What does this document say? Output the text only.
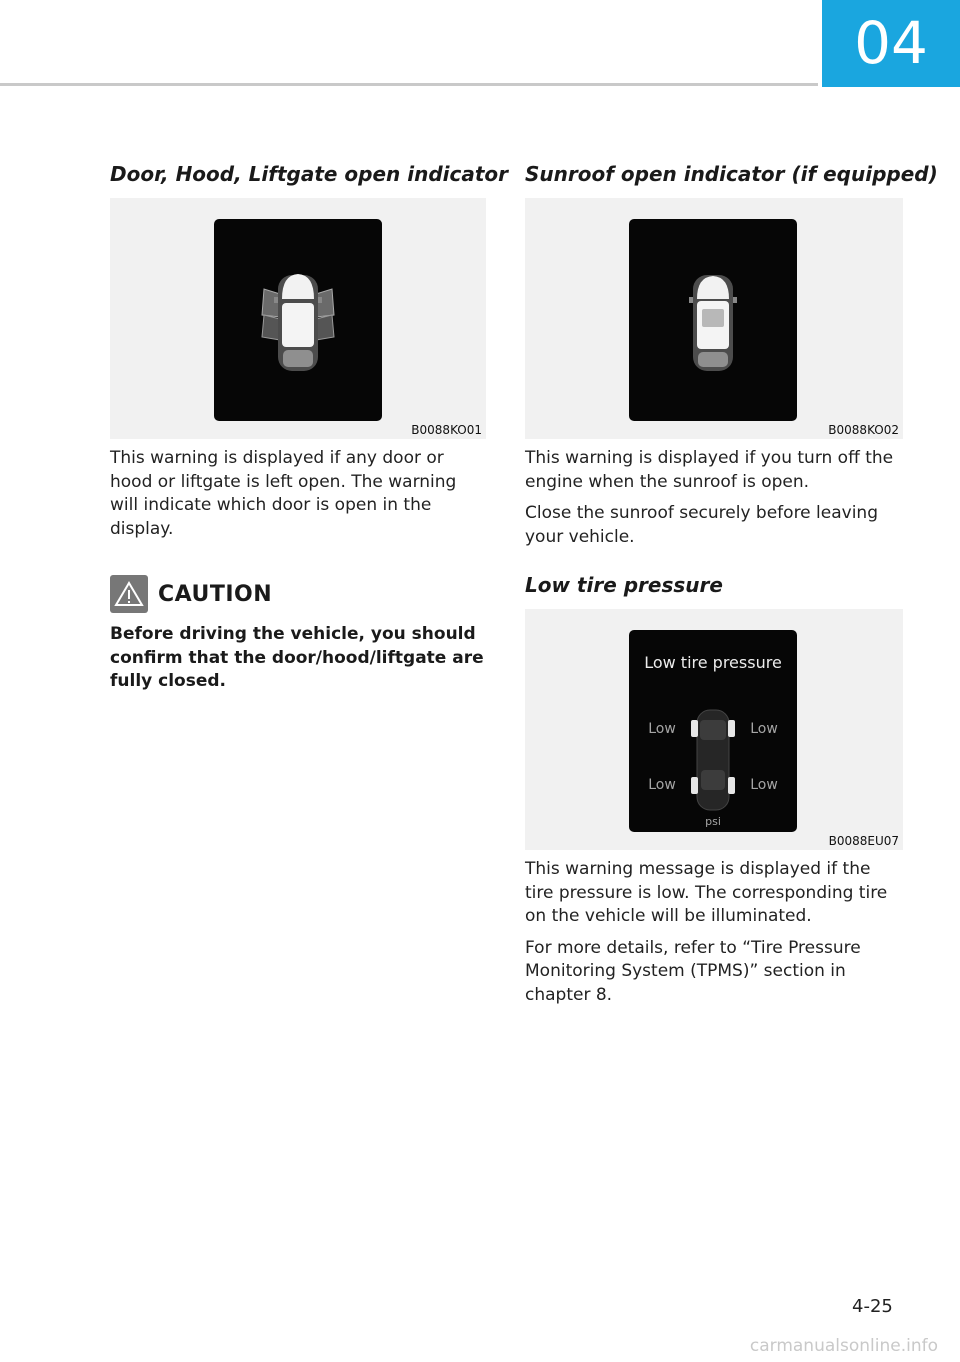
04
Door, Hood, Liftgate open indicator
B0088KO01

This warning is displayed if any door or hood or liftgate is left open. The warning will indicate which door is open in the display.

CAUTION

Before driving the vehicle, you should confirm that the door/hood/liftgate are fully closed.

Sunroof open indicator (if equipped)
B0088KO02

This warning is displayed if you turn off the engine when the sunroof is open.

Close the sunroof securely before leaving your vehicle.

Low tire pressure
Low tire pressure
Low	Low
Low	Low
psi
B0088EU07

This warning message is displayed if the tire pressure is low. The corresponding tire on the vehicle will be illuminated.

For more details, refer to “Tire Pressure Monitoring System (TPMS)” section in chapter 8.

4-25
carmanualsonline.info
